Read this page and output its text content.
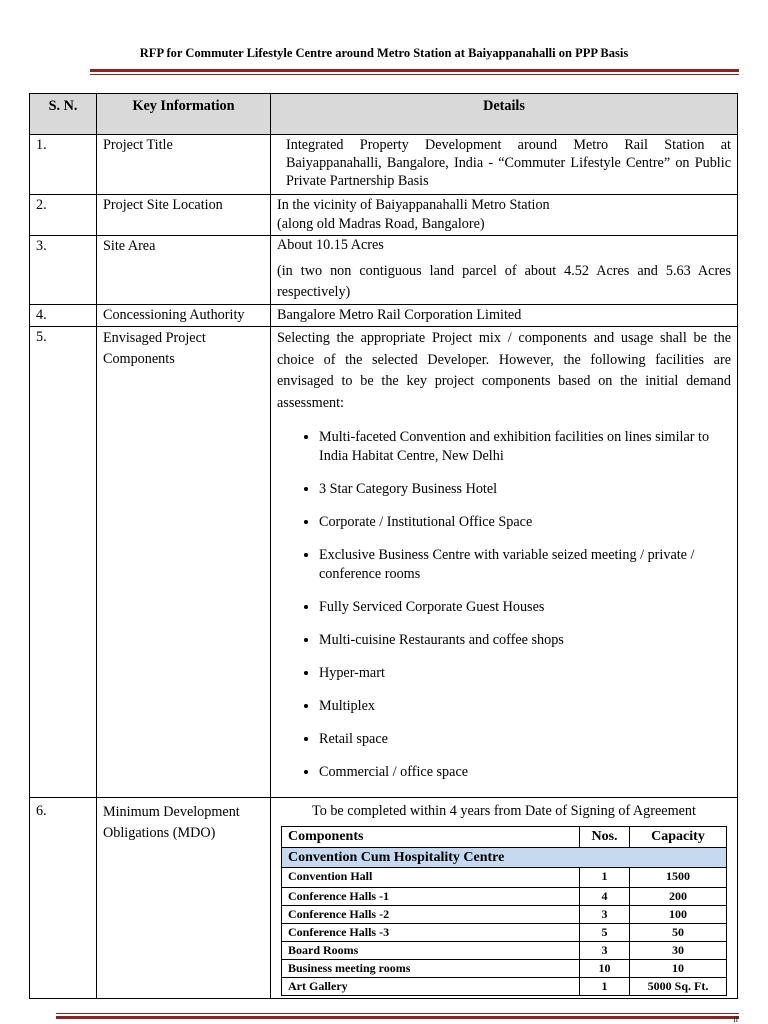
RFP for Commuter Lifestyle Centre around Metro Station at Baiyappanahalli on PPP Basis
S. N.	Key Information	Details
1.	Project Title	Integrated Property Development around Metro Rail Station at Baiyappanahalli, Bangalore, India - “Commuter Lifestyle Centre” on Public Private Partnership Basis
2.	Project Site Location	In the vicinity of Baiyappanahalli Metro Station
(along old Madras Road, Bangalore)

3.	Site Area	About 10.15 Acres
(in two non contiguous land parcel of about 4.52 Acres and 5.63 Acres respectively)

4.	Concessioning Authority	Bangalore Metro Rail Corporation Limited
5.	Envisaged Project Components	
Selecting the appropriate Project mix / components and usage shall be the choice of the selected Developer. However, the following facilities are envisaged to be the key project components based on the initial demand assessment:
• Multi-faceted Convention and exhibition facilities on lines similar to India Habitat Centre, New Delhi
• 3 Star Category Business Hotel
• Corporate / Institutional Office Space
• Exclusive Business Centre with variable seized meeting / private / conference rooms
• Fully Serviced Corporate Guest Houses
• Multi-cuisine Restaurants and coffee shops
• Hyper-mart
• Multiplex
• Retail space
• Commercial / office space

6.	Minimum Development Obligations (MDO)	
To be completed within 4 years from Date of Signing of Agreement
Components	Nos.	Capacity
Convention Cum Hospitality Centre
Convention Hall	1	1500
Conference Halls -1	4	200
Conference Halls -2	3	100
Conference Halls -3	5	50
Board Rooms	3	30
Business meeting rooms	10	10
Art Gallery	1	5000 Sq. Ft.
ii
